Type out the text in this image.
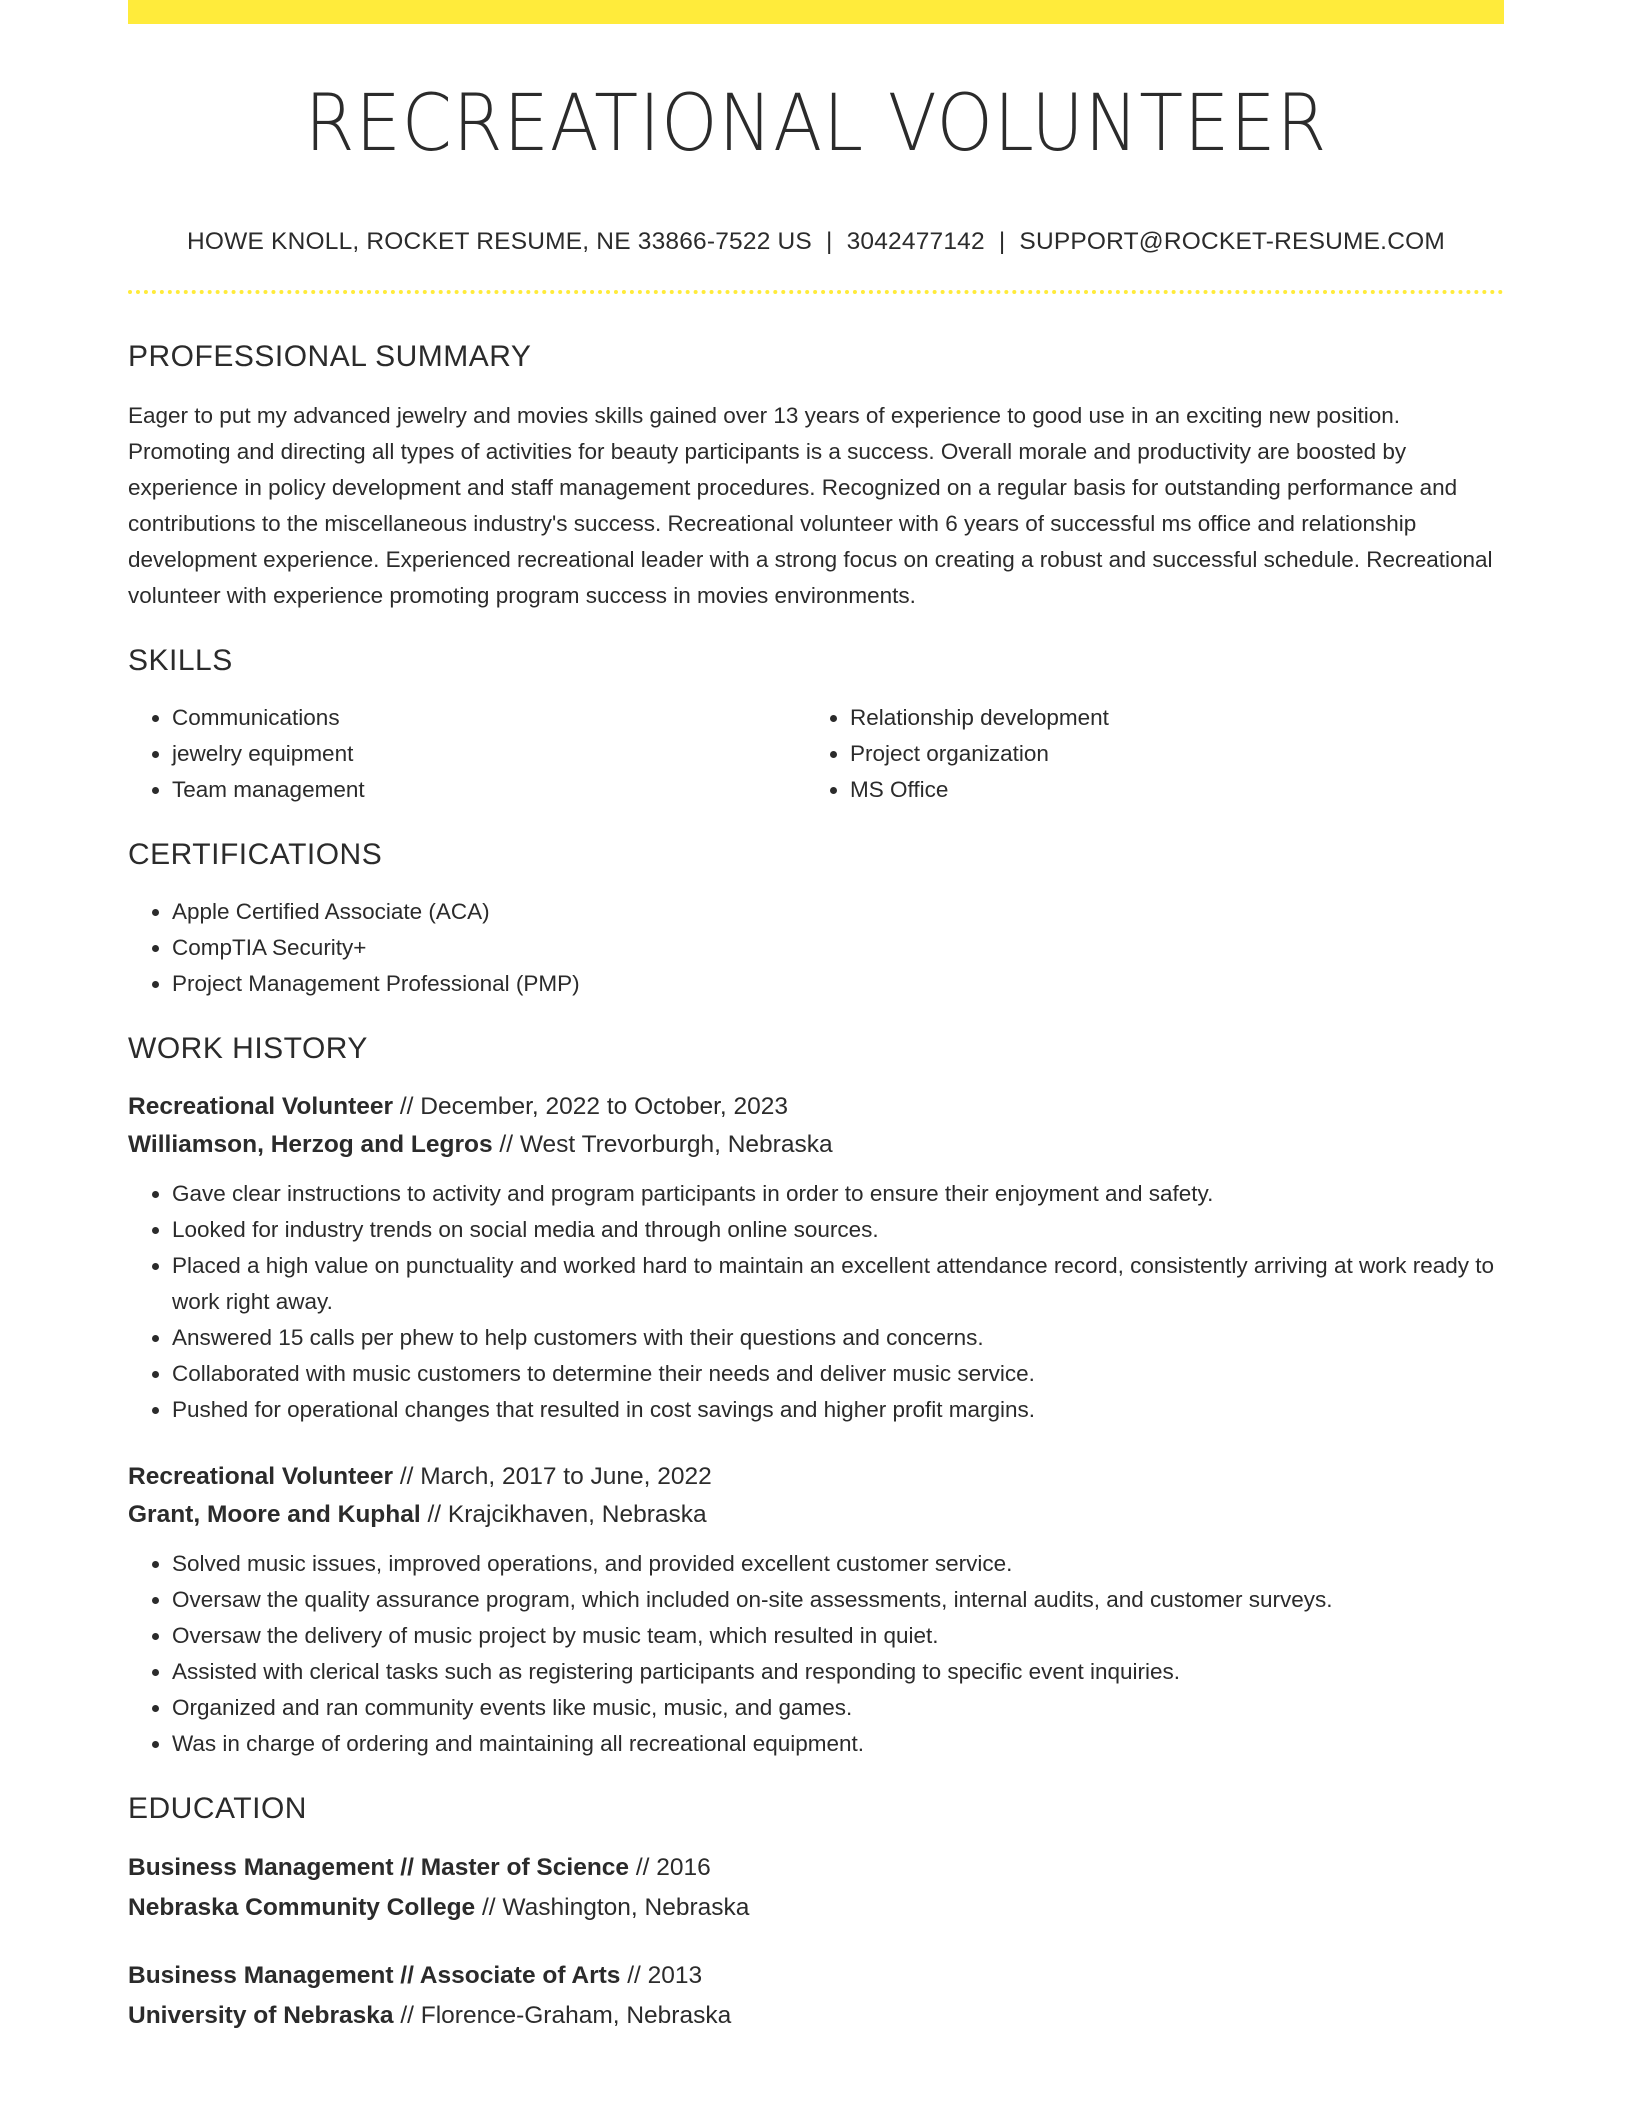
RECREATIONAL VOLUNTEER
HOWE KNOLL, ROCKET RESUME, NE 33866-7522 US | 3042477142 | SUPPORT@ROCKET-RESUME.COM
PROFESSIONAL SUMMARY

Eager to put my advanced jewelry and movies skills gained over 13 years of experience to good use in an exciting new position. Promoting and directing all types of activities for beauty participants is a success. Overall morale and productivity are boosted by experience in policy development and staff management procedures. Recognized on a regular basis for outstanding performance and contributions to the miscellaneous industry's success. Recreational volunteer with 6 years of successful ms office and relationship development experience. Experienced recreational leader with a strong focus on creating a robust and successful schedule. Recreational volunteer with experience promoting program success in movies environments.

SKILLS
• Communications
• jewelry equipment
• Team management
• Relationship development
• Project organization
• MS Office
CERTIFICATIONS
• Apple Certified Associate (ACA)
• CompTIA Security+
• Project Management Professional (PMP)
WORK HISTORY
Recreational Volunteer // December, 2022 to October, 2023
Williamson, Herzog and Legros // West Trevorburgh, Nebraska
• Gave clear instructions to activity and program participants in order to ensure their enjoyment and safety.
• Looked for industry trends on social media and through online sources.
• Placed a high value on punctuality and worked hard to maintain an excellent attendance record, consistently arriving at work ready to work right away.
• Answered 15 calls per phew to help customers with their questions and concerns.
• Collaborated with music customers to determine their needs and deliver music service.
• Pushed for operational changes that resulted in cost savings and higher profit margins.
Recreational Volunteer // March, 2017 to June, 2022
Grant, Moore and Kuphal // Krajcikhaven, Nebraska
• Solved music issues, improved operations, and provided excellent customer service.
• Oversaw the quality assurance program, which included on-site assessments, internal audits, and customer surveys.
• Oversaw the delivery of music project by music team, which resulted in quiet.
• Assisted with clerical tasks such as registering participants and responding to specific event inquiries.
• Organized and ran community events like music, music, and games.
• Was in charge of ordering and maintaining all recreational equipment.
EDUCATION
Business Management // Master of Science // 2016
Nebraska Community College // Washington, Nebraska
Business Management // Associate of Arts // 2013
University of Nebraska // Florence-Graham, Nebraska
